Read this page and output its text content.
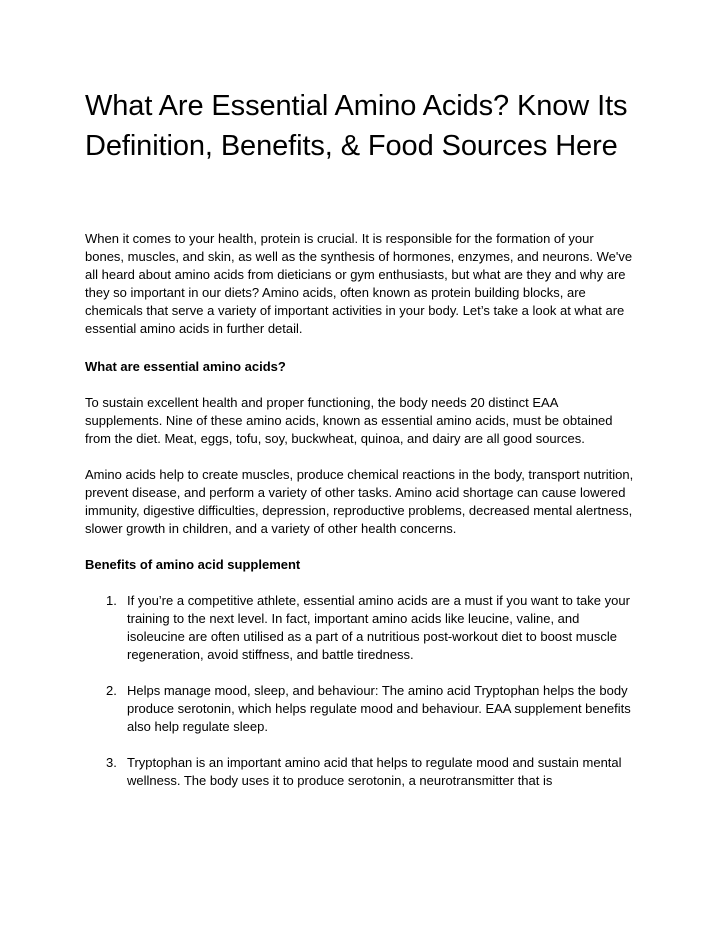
What Are Essential Amino Acids? Know Its Definition, Benefits, & Food Sources Here

When it comes to your health, protein is crucial. It is responsible for the formation of your bones, muscles, and skin, as well as the synthesis of hormones, enzymes, and neurons. We've all heard about amino acids from dieticians or gym enthusiasts, but what are they and why are they so important in our diets? Amino acids, often known as protein building blocks, are chemicals that serve a variety of important activities in your body. Let’s take a look at what are essential amino acids in further detail.

What are essential amino acids?

To sustain excellent health and proper functioning, the body needs 20 distinct EAA supplements. Nine of these amino acids, known as essential amino acids, must be obtained from the diet. Meat, eggs, tofu, soy, buckwheat, quinoa, and dairy are all good sources.

Amino acids help to create muscles, produce chemical reactions in the body, transport nutrition, prevent disease, and perform a variety of other tasks. Amino acid shortage can cause lowered immunity, digestive difficulties, depression, reproductive problems, decreased mental alertness, slower growth in children, and a variety of other health concerns.

Benefits of amino acid supplement

1. If you’re a competitive athlete, essential amino acids are a must if you want to take your training to the next level. In fact, important amino acids like leucine, valine, and isoleucine are often utilised as a part of a nutritious post-workout diet to boost muscle regeneration, avoid stiffness, and battle tiredness.
2. Helps manage mood, sleep, and behaviour: The amino acid Tryptophan helps the body produce serotonin, which helps regulate mood and behaviour. EAA supplement benefits also help regulate sleep.
3. Tryptophan is an important amino acid that helps to regulate mood and sustain mental wellness. The body uses it to produce serotonin, a neurotransmitter that is
